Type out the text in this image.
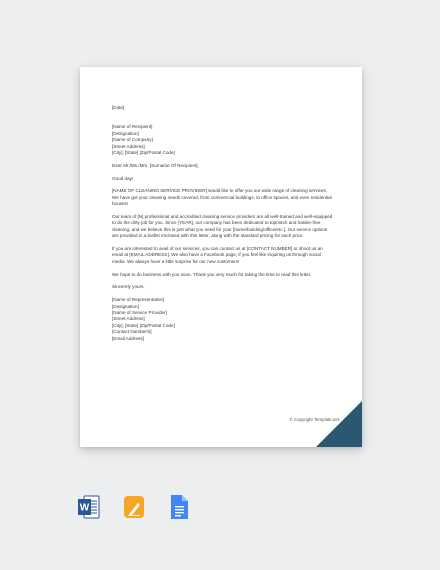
[Date]

[Name of Recipient]
[Designation]
[Name of Company]
[Street Address]
[City], [State] [Zip/Postal Code]

Dear Mr./Ms./Mrs. [Surname Of Recipient],

Good day!

[NAME OF CLEANING SERVICE PROVIDER] would like to offer you our wide range of cleaning services. We have got your cleaning needs covered, from commercial buildings, to office spaces, and even residential houses!

Our team of [N] professional and accredited cleaning service providers are all well-trained and well-equipped to do the dirty job for you. Since [YEAR], our company has been dedicated to topnotch and hassle-free cleaning, and we believe this is just what you need for your [home/building/office/etc.]. Our service options are provided in a leaflet enclosed with this letter, along with the standard pricing for each price.

If you are interested to avail of our services, you can contact us at [CONTACT NUMBER] or shoot us an email at [EMAIL ADDRESS]. We also have a Facebook page, if you feel like inquiring us through social media. We always have a little surprise for our new customers!

We hope to do business with you soon. Thank you very much for taking the time to read this letter.

Sincerely yours,

[Name of Representative]
[Designation]
[Name of Service Provider]
[Street Address]
[City], [State] [Zip/Postal Code]
[Contact Number/s]
[Email Address]

© Copyright Template.net
W
